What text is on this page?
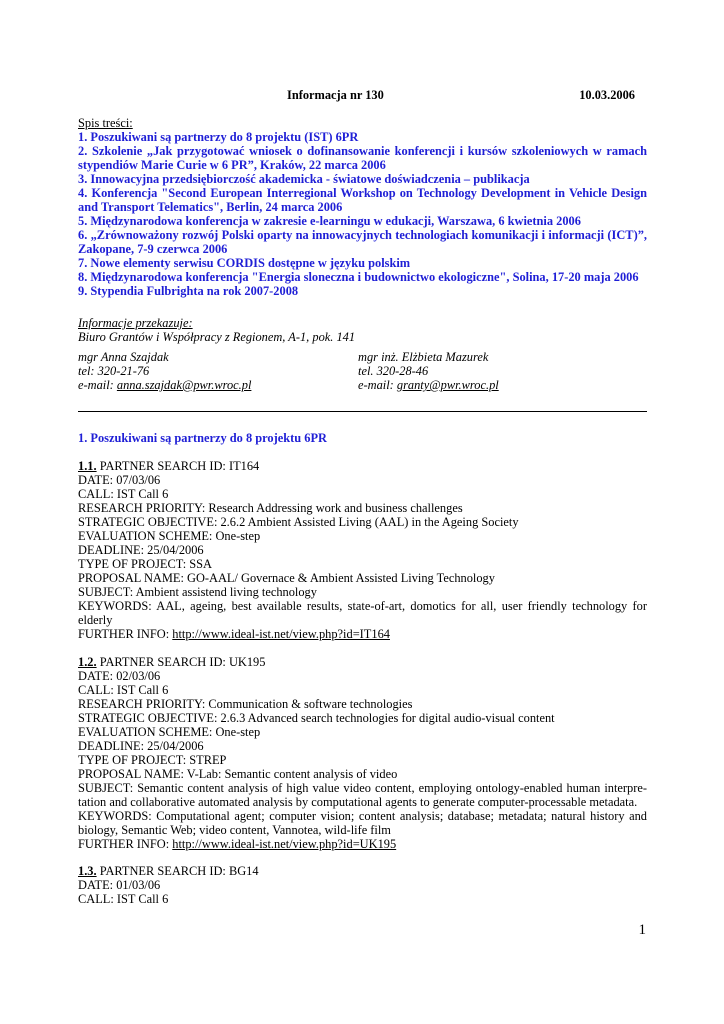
Informacja nr 130	10.03.2006
Spis treści:
1. Poszukiwani są partnerzy do 8 projektu (IST) 6PR
2. Szkolenie „Jak przygotować wniosek o dofinansowanie konferencji i kursów szkoleniowych w ramach
stypendiów Marie Curie w 6 PR”, Kraków, 22 marca 2006
3. Innowacyjna przedsiębiorczość akademicka - światowe doświadczenia – publikacja
4. Konferencja "Second European Interregional Workshop on Technology Development in Vehicle Design
and Transport Telematics", Berlin, 24 marca 2006
5. Międzynarodowa konferencja w zakresie e-learningu w edukacji, Warszawa, 6 kwietnia 2006
6. „Zrównoważony rozwój Polski oparty na innowacyjnych technologiach komunikacji i informacji (ICT)”,
Zakopane, 7-9 czerwca 2006
7. Nowe elementy serwisu CORDIS dostępne w języku polskim
8. Międzynarodowa konferencja "Energia sloneczna i budownictwo ekologiczne", Solina, 17-20 maja 2006
9. Stypendia Fulbrighta na rok 2007-2008
Informacje przekazuje:
Biuro Grantów i Współpracy z Regionem, A-1, pok. 141
mgr Anna Szajdak
tel: 320-21-76
e-mail: anna.szajdak@pwr.wroc.pl
mgr inż. Elżbieta Mazurek
tel. 320-28-46
e-mail: granty@pwr.wroc.pl
1. Poszukiwani są partnerzy do 8 projektu 6PR
1.1. PARTNER SEARCH ID: IT164
DATE: 07/03/06
CALL: IST Call 6
RESEARCH PRIORITY: Research Addressing work and business challenges
STRATEGIC OBJECTIVE: 2.6.2 Ambient Assisted Living (AAL) in the Ageing Society
EVALUATION SCHEME: One-step
DEADLINE: 25/04/2006
TYPE OF PROJECT: SSA
PROPOSAL NAME: GO-AAL/ Governace & Ambient Assisted Living Technology
SUBJECT: Ambient assistend living technology
KEYWORDS: AAL, ageing, best available results, state-of-art, domotics for all, user friendly technology for
elderly
FURTHER INFO: http://www.ideal-ist.net/view.php?id=IT164
1.2. PARTNER SEARCH ID: UK195
DATE: 02/03/06
CALL: IST Call 6
RESEARCH PRIORITY: Communication & software technologies
STRATEGIC OBJECTIVE: 2.6.3 Advanced search technologies for digital audio-visual content
EVALUATION SCHEME: One-step
DEADLINE: 25/04/2006
TYPE OF PROJECT: STREP
PROPOSAL NAME: V-Lab: Semantic content analysis of video
SUBJECT: Semantic content analysis of high value video content, employing ontology-enabled human interpre-
tation and collaborative automated analysis by computational agents to generate computer-processable metadata.
KEYWORDS: Computational agent; computer vision; content analysis; database; metadata; natural history and
biology, Semantic Web; video content, Vannotea, wild-life film
FURTHER INFO: http://www.ideal-ist.net/view.php?id=UK195
1.3. PARTNER SEARCH ID: BG14
DATE: 01/03/06
CALL: IST Call 6
1
